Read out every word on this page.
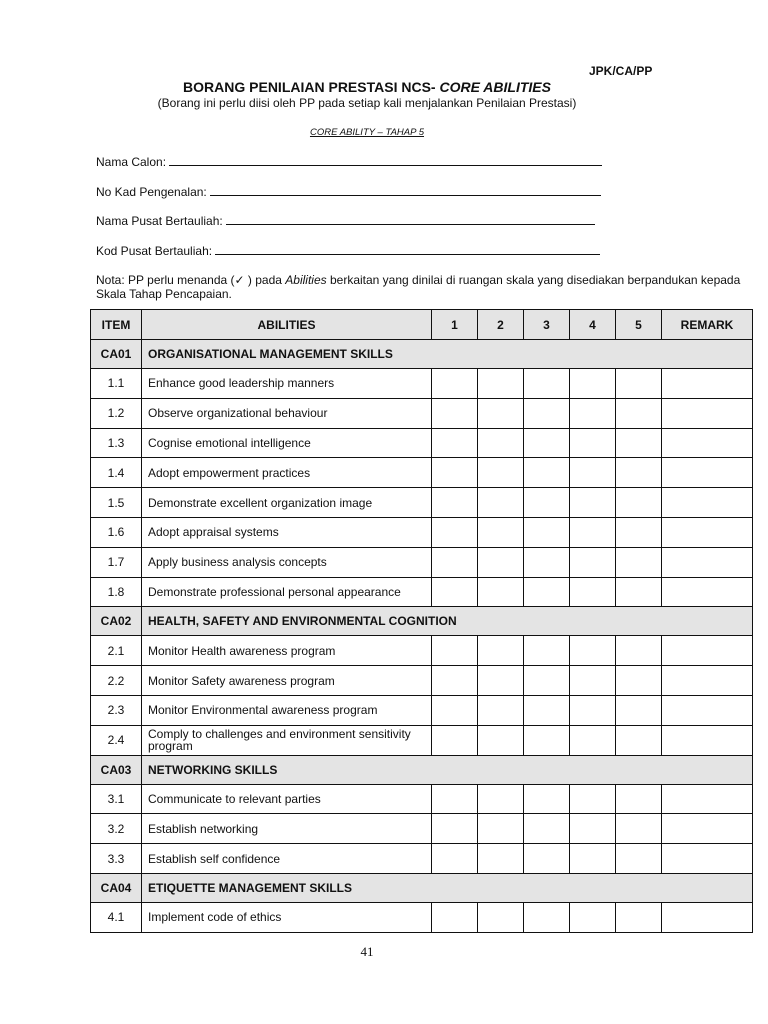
JPK/CA/PP
BORANG PENILAIAN PRESTASI NCS- CORE ABILITIES
(Borang ini perlu diisi oleh PP pada setiap kali menjalankan Penilaian Prestasi)
CORE ABILITY – TAHAP 5
Nama Calon:
No Kad Pengenalan:
Nama Pusat Bertauliah:
Kod Pusat Bertauliah:
Nota: PP perlu menanda (✓ ) pada Abilities berkaitan yang dinilai di ruangan skala yang disediakan berpandukan kepada Skala Tahap Pencapaian.
ITEM	ABILITIES	1	2	3	4	5	REMARK
CA01	ORGANISATIONAL MANAGEMENT SKILLS						
1.1	Enhance good leadership manners						
1.2	Observe organizational behaviour						
1.3	Cognise emotional intelligence						
1.4	Adopt empowerment practices						
1.5	Demonstrate excellent organization image						
1.6	Adopt appraisal systems						
1.7	Apply business analysis concepts						
1.8	Demonstrate professional personal appearance						
CA02	HEALTH, SAFETY AND ENVIRONMENTAL COGNITION						
2.1	Monitor Health awareness program						
2.2	Monitor Safety awareness program						
2.3	Monitor Environmental awareness program						
2.4	Comply to challenges and environment sensitivity program						
CA03	NETWORKING SKILLS						
3.1	Communicate to relevant parties						
3.2	Establish networking						
3.3	Establish self confidence						
CA04	ETIQUETTE MANAGEMENT SKILLS						
4.1	Implement code of ethics						
41
